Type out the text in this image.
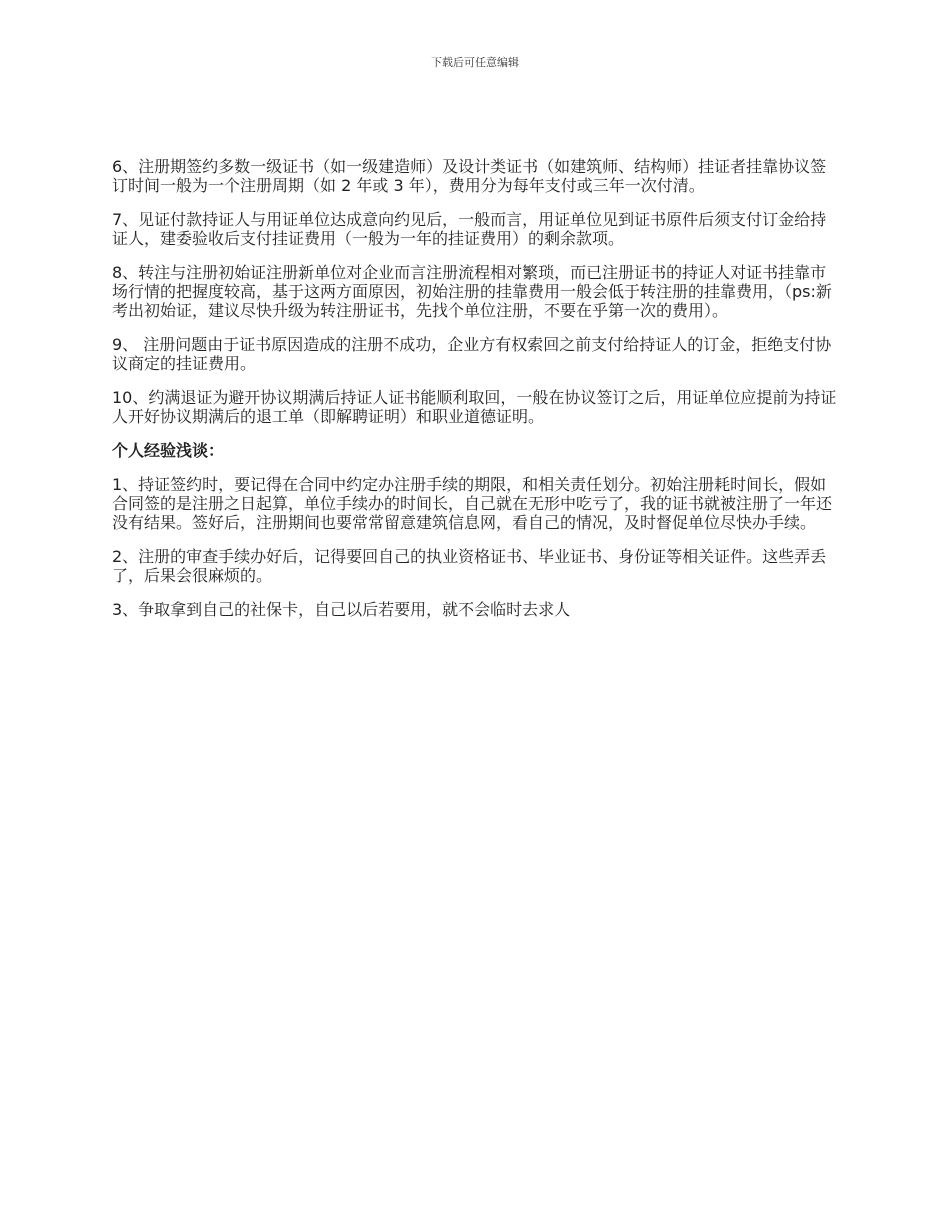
下载后可任意编辑

6、注册期签约多数一级证书（如一级建造师）及设计类证书（如建筑师、结构师）挂证者挂靠协议签订时间一般为一个注册周期（如 2 年或 3 年），费用分为每年支付或三年一次付清。

7、见证付款持证人与用证单位达成意向约见后，一般而言，用证单位见到证书原件后须支付订金给持证人，建委验收后支付挂证费用（一般为一年的挂证费用）的剩余款项。

8、转注与注册初始证注册新单位对企业而言注册流程相对繁琐，而已注册证书的持证人对证书挂靠市场行情的把握度较高，基于这两方面原因，初始注册的挂靠费用一般会低于转注册的挂靠费用，（ps:新考出初始证，建议尽快升级为转注册证书，先找个单位注册，不要在乎第一次的费用）。

9、 注册问题由于证书原因造成的注册不成功，企业方有权索回之前支付给持证人的订金，拒绝支付协议商定的挂证费用。

10、约满退证为避开协议期满后持证人证书能顺利取回，一般在协议签订之后，用证单位应提前为持证人开好协议期满后的退工单（即解聘证明）和职业道德证明。

个人经验浅谈：

1、持证签约时，要记得在合同中约定办注册手续的期限，和相关责任划分。初始注册耗时间长，假如合同签的是注册之日起算，单位手续办的时间长，自己就在无形中吃亏了，我的证书就被注册了一年还没有结果。签好后，注册期间也要常常留意建筑信息网，看自己的情况，及时督促单位尽快办手续。

2、注册的审查手续办好后，记得要回自己的执业资格证书、毕业证书、身份证等相关证件。这些弄丢了，后果会很麻烦的。

3、争取拿到自己的社保卡，自己以后若要用，就不会临时去求人
